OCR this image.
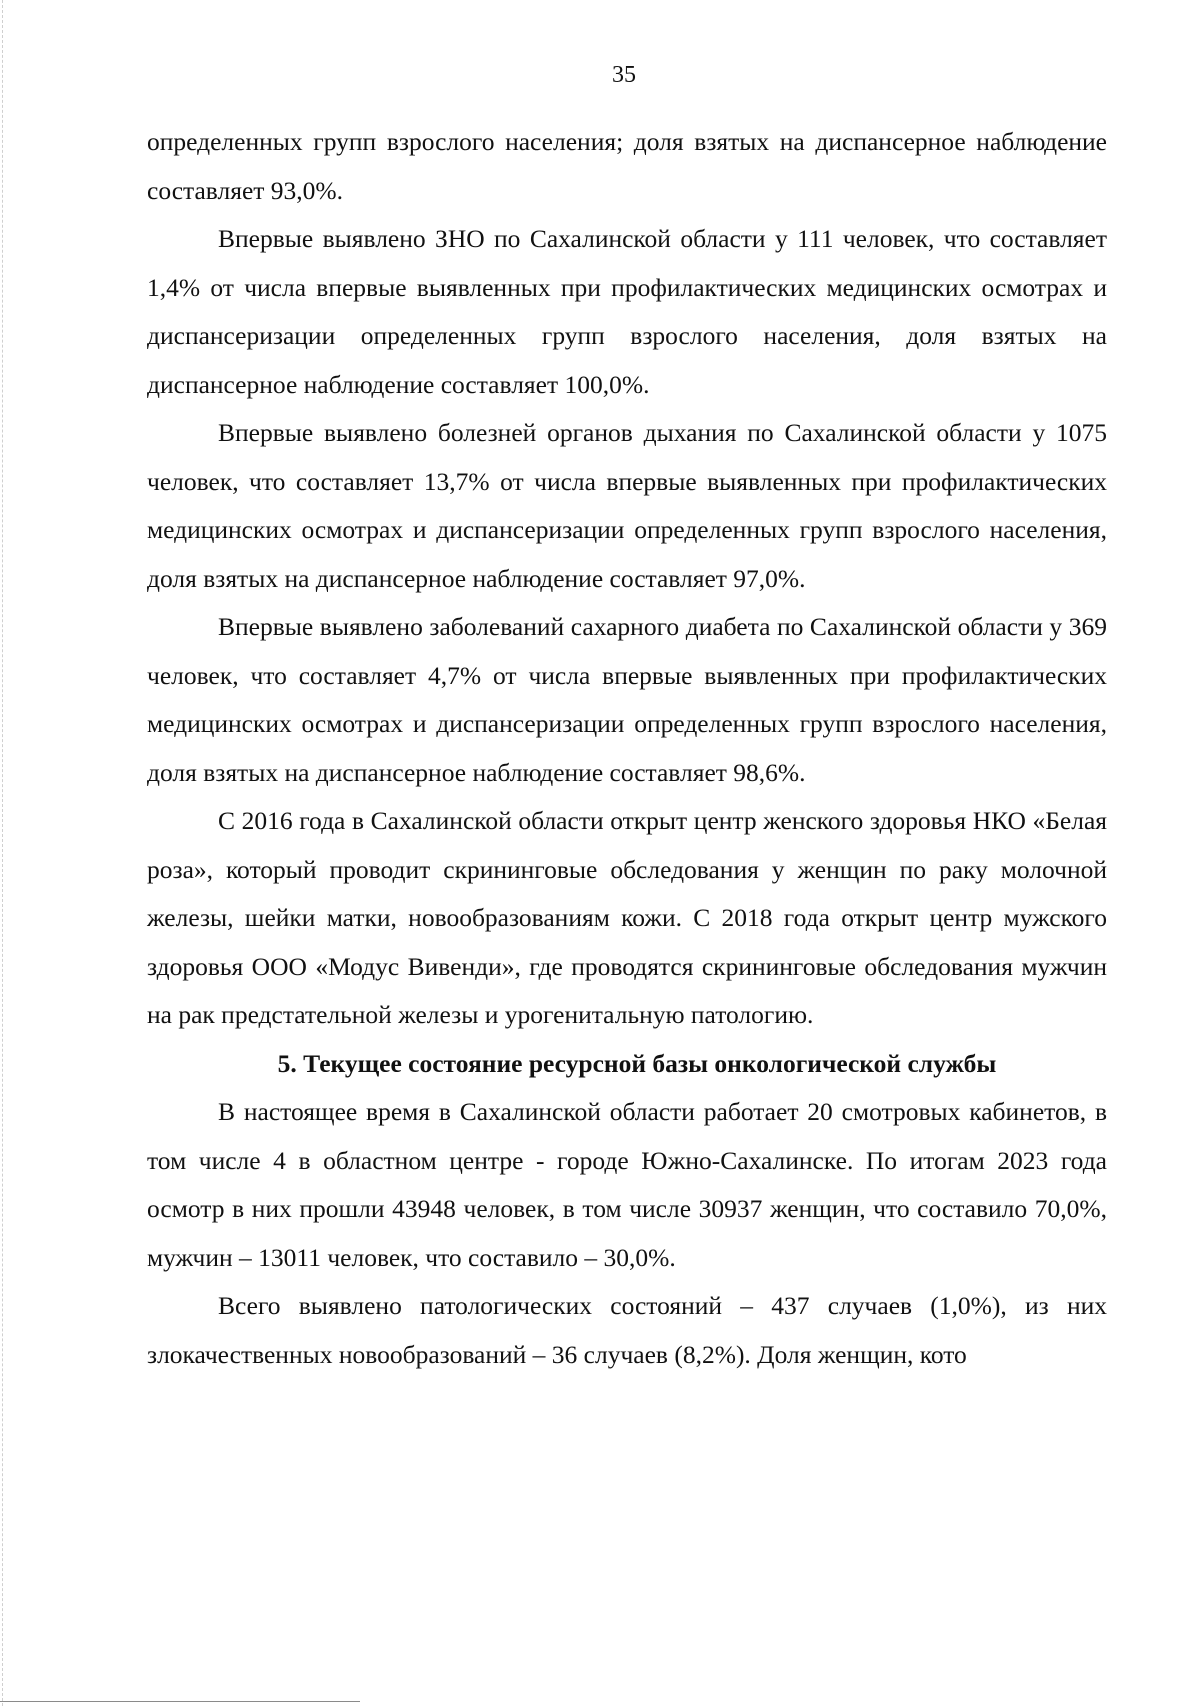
35

определенных групп взрослого населения; доля взятых на диспансерное наблюдение составляет 93,0%.

Впервые выявлено ЗНО по Сахалинской области у 111 человек, что составляет 1,4% от числа впервые выявленных при профилактических медицинских осмотрах и диспансеризации определенных групп взрослого населения, доля взятых на диспансерное наблюдение составляет 100,0%.

Впервые выявлено болезней органов дыхания по Сахалинской области у 1075 человек, что составляет 13,7% от числа впервые выявленных при профилактических медицинских осмотрах и диспансеризации определенных групп взрослого населения, доля взятых на диспансерное наблюдение составляет 97,0%.

Впервые выявлено заболеваний сахарного диабета по Сахалинской области у 369 человек, что составляет 4,7% от числа впервые выявленных при профилактических медицинских осмотрах и диспансеризации определенных групп взрослого населения, доля взятых на диспансерное наблюдение составляет 98,6%.

С 2016 года в Сахалинской области открыт центр женского здоровья НКО «Белая роза», который проводит скрининговые обследования у женщин по раку молочной железы, шейки матки, новообразованиям кожи. С 2018 года открыт центр мужского здоровья ООО «Модус Вивенди», где проводятся скрининговые обследования мужчин на рак предстательной железы и урогенитальную патологию.

5. Текущее состояние ресурсной базы онкологической службы

В настоящее время в Сахалинской области работает 20 смотровых кабинетов, в том числе 4 в областном центре - городе Южно-Сахалинске. По итогам 2023 года осмотр в них прошли 43948 человек, в том числе 30937 женщин, что составило 70,0%, мужчин – 13011 человек, что составило – 30,0%.

Всего выявлено патологических состояний – 437 случаев (1,0%), из них злокачественных новообразований – 36 случаев (8,2%). Доля женщин, кото
